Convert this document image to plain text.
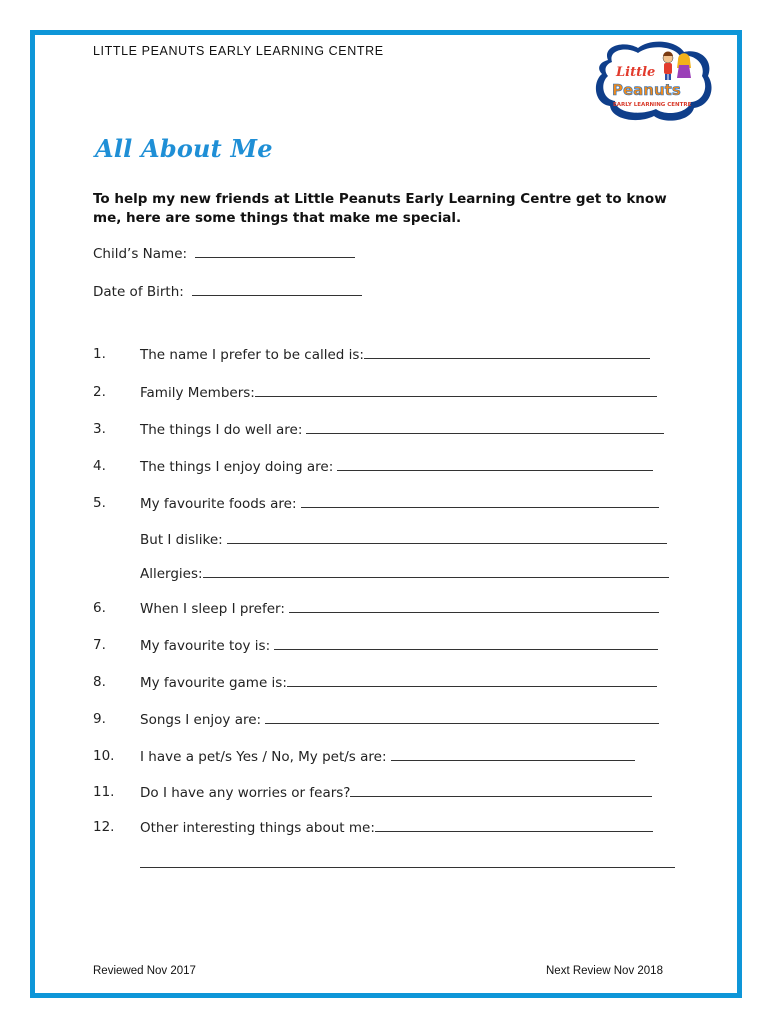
LITTLE PEANUTS EARLY LEARNING CENTRE
Little
Peanuts
EARLY LEARNING CENTRE
All About Me
To help my new friends at Little Peanuts Early Learning Centre get to know me, here are some things that make me special.
Child’s Name:
Date of Birth:
1.	The name I prefer to be called is:
2.	Family Members:
3.	The things I do well are:
4.	The things I enjoy doing are:
5.	My favourite foods are:
But I dislike:
Allergies:
6.	When I sleep I prefer:
7.	My favourite toy is:
8.	My favourite game is:
9.	Songs I enjoy are:
10. I have a pet/s Yes / No, My pet/s are:
11. Do I have any worries or fears?
12. Other interesting things about me:
Reviewed Nov 2017	Next Review Nov 2018
